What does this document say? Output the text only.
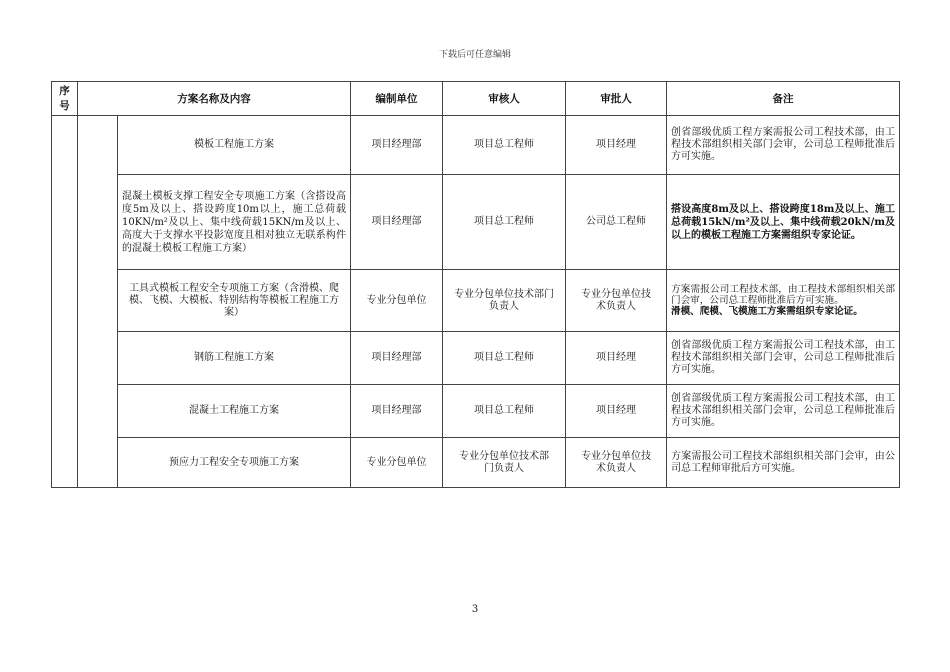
下载后可任意编辑
序号	方案名称及内容		编制单位	审核人	审批人	备注
		模板工程施工方案	项目经理部	项目总工程师	项目经理	创省部级优质工程方案需报公司工程技术部，由工程技术部组织相关部门会审，公司总工程师批准后方可实施。
		混凝土模板支撑工程安全专项施工方案（含搭设高度5m及以上、搭设跨度10m以上，施工总荷载10KN/m²及以上、集中线荷载15KN/m及以上、高度大于支撑水平投影宽度且相对独立无联系构件的混凝土模板工程施工方案）	项目经理部	项目总工程师	公司总工程师	搭设高度8m及以上、搭设跨度18m及以上、施工总荷载15kN/m²及以上、集中线荷载20kN/m及以上的模板工程施工方案需组织专家论证。
		工具式模板工程安全专项施工方案（含滑模、爬模、飞模、大模板、特别结构等模板工程施工方案）	专业分包单位	专业分包单位技术部门负责人	专业分包单位技术负责人	方案需报公司工程技术部，由工程技术部组织相关部门会审，公司总工程师批准后方可实施。
滑模、爬模、飞模施工方案需组织专家论证。
		钢筋工程施工方案	项目经理部	项目总工程师	项目经理	创省部级优质工程方案需报公司工程技术部，由工程技术部组织相关部门会审，公司总工程师批准后方可实施。
		混凝土工程施工方案	项目经理部	项目总工程师	项目经理	创省部级优质工程方案需报公司工程技术部，由工程技术部组织相关部门会审，公司总工程师批准后方可实施。
		预应力工程安全专项施工方案	专业分包单位	专业分包单位技术部门负责人	专业分包单位技术负责人	方案需报公司工程技术部组织相关部门会审，由公司总工程师审批后方可实施。
3
